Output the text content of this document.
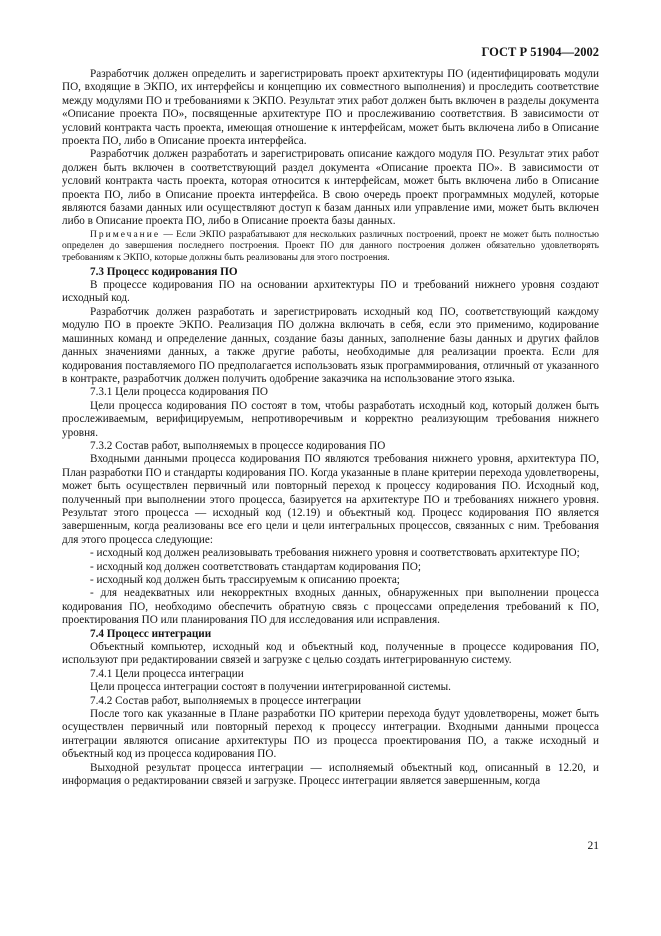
ГОСТ Р 51904—2002

Разработчик должен определить и зарегистрировать проект архитектуры ПО (идентифицировать модули ПО, входящие в ЭКПО, их интерфейсы и концепцию их совместного выполнения) и проследить соответствие между модулями ПО и требованиями к ЭКПО. Результат этих работ должен быть включен в разделы документа «Описание проекта ПО», посвященные архитектуре ПО и прослеживанию соответствия. В зависимости от условий контракта часть проекта, имеющая отношение к интерфейсам, может быть включена либо в Описание проекта ПО, либо в Описание проекта интерфейса.

Разработчик должен разработать и зарегистрировать описание каждого модуля ПО. Результат этих работ должен быть включен в соответствующий раздел документа «Описание проекта ПО». В зависимости от условий контракта часть проекта, которая относится к интерфейсам, может быть включена либо в Описание проекта ПО, либо в Описание проекта интерфейса. В свою очередь проект программных модулей, которые являются базами данных или осуществляют доступ к базам данных или управление ими, может быть включен либо в Описание проекта ПО, либо в Описание проекта базы данных.

Примечание — Если ЭКПО разрабатывают для нескольких различных построений, проект не может быть полностью определен до завершения последнего построения. Проект ПО для данного построения должен обязательно удовлетворять требованиям к ЭКПО, которые должны быть реализованы для этого построения.

7.3 Процесс кодирования ПО

В процессе кодирования ПО на основании архитектуры ПО и требований нижнего уровня создают исходный код.

Разработчик должен разработать и зарегистрировать исходный код ПО, соответствующий каждому модулю ПО в проекте ЭКПО. Реализация ПО должна включать в себя, если это применимо, кодирование машинных команд и определение данных, создание базы данных, заполнение базы данных и других файлов данных значениями данных, а также другие работы, необходимые для реализации проекта. Если для кодирования поставляемого ПО предполагается использовать язык программирования, отличный от указанного в контракте, разработчик должен получить одобрение заказчика на использование этого языка.

7.3.1 Цели процесса кодирования ПО

Цели процесса кодирования ПО состоят в том, чтобы разработать исходный код, который должен быть прослеживаемым, верифицируемым, непротиворечивым и корректно реализующим требования нижнего уровня.

7.3.2 Состав работ, выполняемых в процессе кодирования ПО

Входными данными процесса кодирования ПО являются требования нижнего уровня, архитектура ПО, План разработки ПО и стандарты кодирования ПО. Когда указанные в плане критерии перехода удовлетворены, может быть осуществлен первичный или повторный переход к процессу кодирования ПО. Исходный код, полученный при выполнении этого процесса, базируется на архитектуре ПО и требованиях нижнего уровня. Результат этого процесса — исходный код (12.19) и объектный код. Процесс кодирования ПО является завершенным, когда реализованы все его цели и цели интегральных процессов, связанных с ним. Требования для этого процесса следующие:

- исходный код должен реализовывать требования нижнего уровня и соответствовать архитектуре ПО;

- исходный код должен соответствовать стандартам кодирования ПО;

- исходный код должен быть трассируемым к описанию проекта;

- для неадекватных или некорректных входных данных, обнаруженных при выполнении процесса кодирования ПО, необходимо обеспечить обратную связь с процессами определения требований к ПО, проектирования ПО или планирования ПО для исследования или исправления.

7.4 Процесс интеграции

Объектный компьютер, исходный код и объектный код, полученные в процессе кодирования ПО, используют при редактировании связей и загрузке с целью создать интегрированную систему.

7.4.1 Цели процесса интеграции

Цели процесса интеграции состоят в получении интегрированной системы.

7.4.2 Состав работ, выполняемых в процессе интеграции

После того как указанные в Плане разработки ПО критерии перехода будут удовлетворены, может быть осуществлен первичный или повторный переход к процессу интеграции. Входными данными процесса интеграции являются описание архитектуры ПО из процесса проектирования ПО, а также исходный и объектный код из процесса кодирования ПО.

Выходной результат процесса интеграции — исполняемый объектный код, описанный в 12.20, и информация о редактировании связей и загрузке. Процесс интеграции является завершенным, когда

21
